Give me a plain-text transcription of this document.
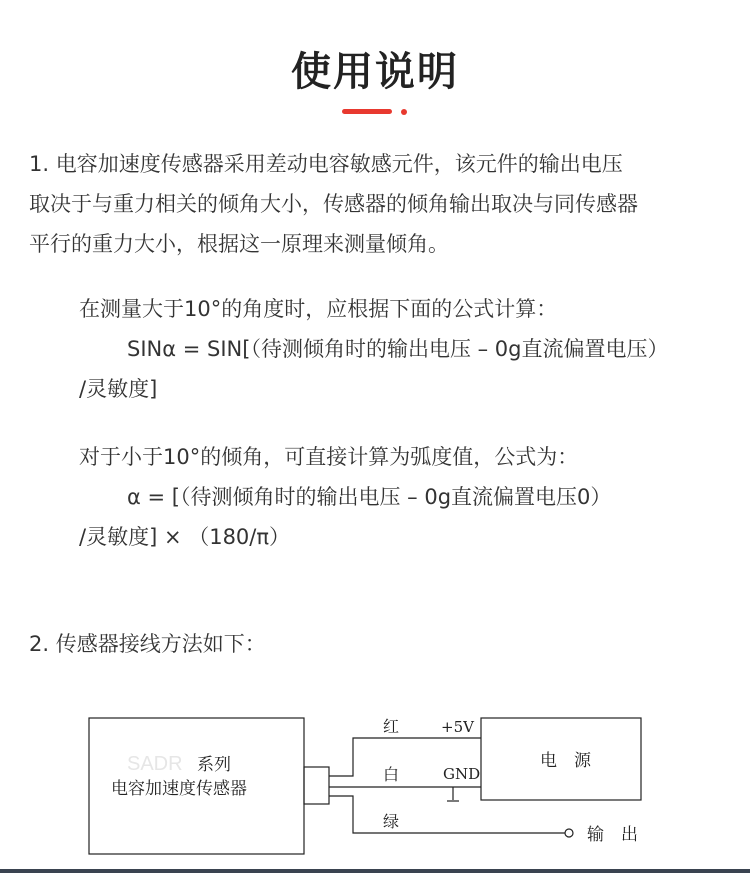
使用说明
1. 电容加速度传感器采用差动电容敏感元件，该元件的输出电压
取决于与重力相关的倾角大小，传感器的倾角输出取决与同传感器
平行的重力大小，根据这一原理来测量倾角。
在测量大于10°的角度时，应根据下面的公式计算：
SINα = SIN[（待测倾角时的输出电压 – 0g直流偏置电压）
/灵敏度]
对于小于10°的倾角，可直接计算为弧度值，公式为：
α = [（待测倾角时的输出电压 – 0g直流偏置电压0）
/灵敏度] × （180/π）
2. 传感器接线方法如下：
SADR 系列
电容加速度传感器
电　源
红	+5V
白	GND
绿
输　出
